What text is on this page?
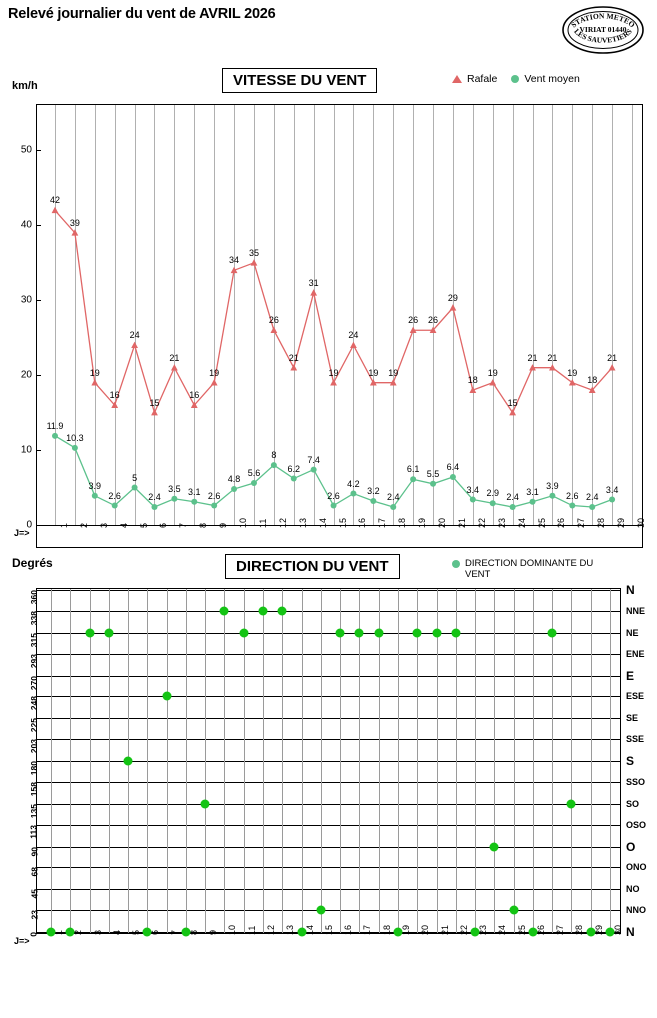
Relevé journalier du vent de AVRIL 2026
STATION METEO
VIRIAT 01440
LES SAUVETIERS
km/h	VITESSE DU VENT	Rafale	Vent moyen
0
10
20
30
40
50
1 2 3 4 5 6 7 8 9 10 11 12 13 14 15 16 17 18 19 20 21 22 23 24 25 26 27 28 29 30
42
39
19
16
24
15
21
16
19
34
35
26
21
31
19
24
19 19
26 26
29
18
19
15
21 21
19
18
21
11.9
10.3
3.9
2.6
5
2.4
3.5 3.1 2.6
4.8
5.6
8
6.2
7.4
2.6
4.2
3.2
2.4
6.1 5.5
6.4
3.4 2.9 2.4
3.1
3.9
2.6 2.4
3.4
J=>
Degrés	DIRECTION DU VENT	DIRECTION DOMINANTE DU VENT
0	N
23	NNO
45	NO
68	ONO
90	O
113	OSO
135	SO
158	SSO
180	S
203	SSE
225	SE
248	ESE
270	E
293	ENE
315	NE
338	NNE
360	N
J=>
1 2 3 4 5 6 7 8 9 10 11 12 13 14 15 16 17 18 19 20 21 22 23 24 25 26 27 28 29 30
